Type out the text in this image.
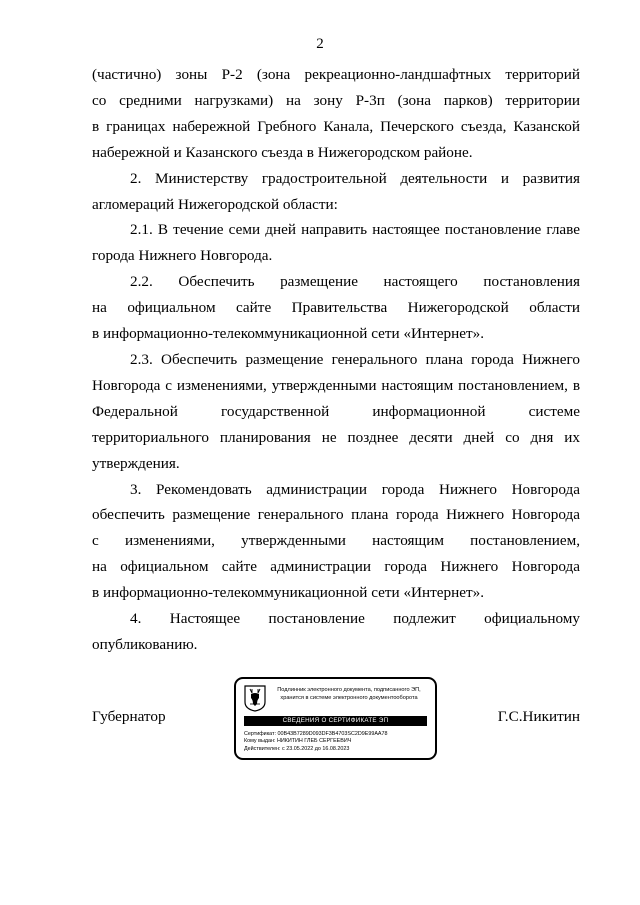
2

(частично) зоны Р-2 (зона рекреационно-ландшафтных территорий

со средними нагрузками) на зону Р-3п (зона парков) территории

в границах набережной Гребного Канала, Печерского съезда, Казанской

набережной и Казанского съезда в Нижегородском районе.

2. Министерству градостроительной деятельности и развития

агломераций Нижегородской области:

2.1. В течение семи дней направить настоящее постановление главе

города Нижнего Новгорода.

2.2. Обеспечить размещение настоящего постановления

на официальном сайте Правительства Нижегородской области

в информационно-телекоммуникационной сети «Интернет».

2.3. Обеспечить размещение генерального плана города Нижнего

Новгорода с изменениями, утвержденными настоящим постановлением, в

Федеральной государственной информационной системе

территориального планирования не позднее десяти дней со дня их

утверждения.

3. Рекомендовать администрации города Нижнего Новгорода

обеспечить размещение генерального плана города Нижнего Новгорода

с изменениями, утвержденными настоящим постановлением,

на официальном сайте администрации города Нижнего Новгорода

в информационно-телекоммуникационной сети «Интернет».

4. Настоящее постановление подлежит официальному

опубликованию.

Губернатор	Г.С.Никитин
Подлинник электронного документа, подписанного ЭП,
хранится в системе электронного документооборота
СВЕДЕНИЯ О СЕРТИФИКАТЕ ЭП
Сертификат: 00B43B7289D093DF3B4703SC2D9E99AA78
Кому выдан: НИКИТИН ГЛЕБ СЕРГЕЕВИЧ
Действителен: с 23.05.2022 до 16.08.2023
